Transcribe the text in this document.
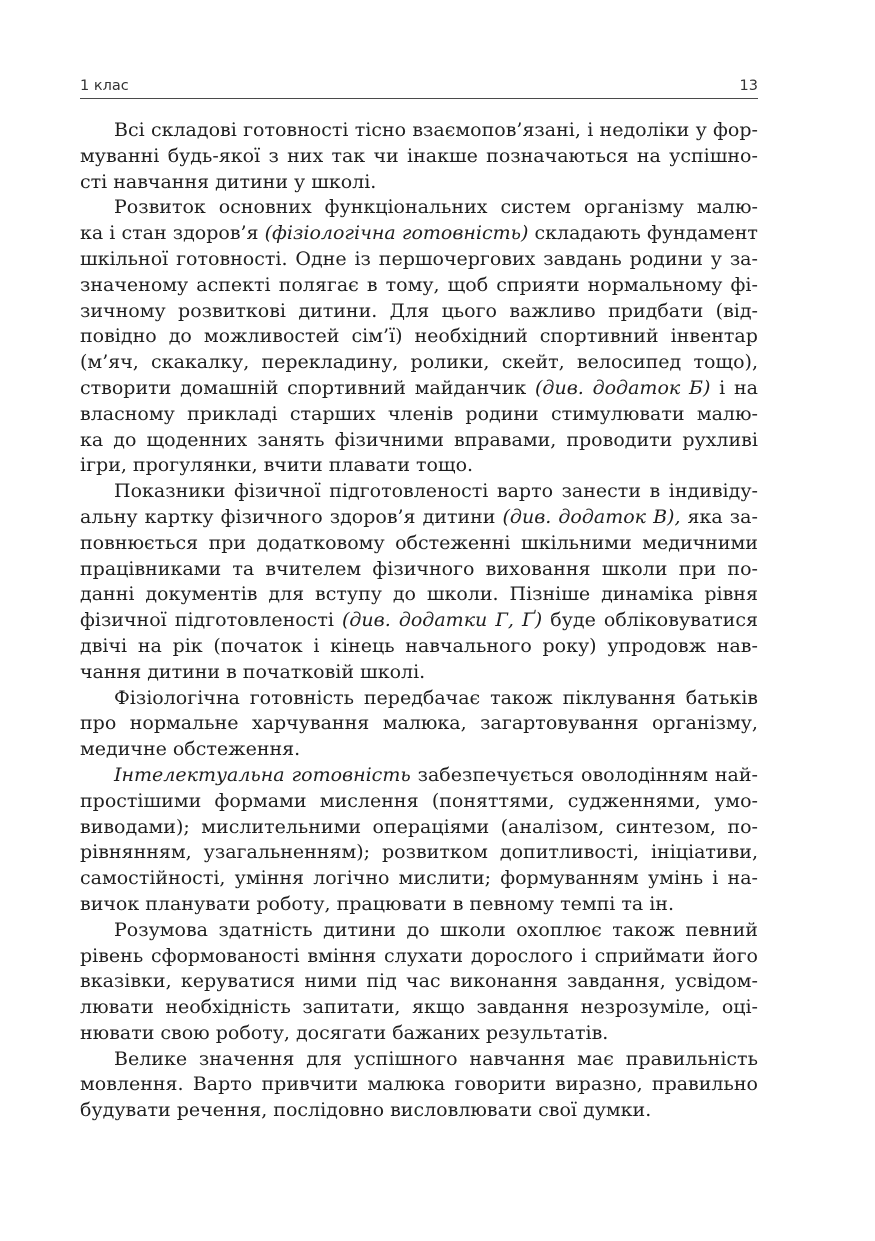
1 клас	13
Всі складові готовності тісно взаємопов’язані, і недоліки у фор-
муванні будь-якої з них так чи інакше позначаються на успішно-
сті навчання дитини у школі.
Розвиток основних функціональних систем організму малю-
ка і стан здоров’я (фізіологічна готовність) складають фундамент
шкільної готовності. Одне із першочергових завдань родини у за-
значеному аспекті полягає в тому, щоб сприяти нормальному фі-
зичному розвиткові дитини. Для цього важливо придбати (від-
повідно до можливостей сім’ї) необхідний спортивний інвентар
(м’яч, скакалку, перекладину, ролики, скейт, велосипед тощо),
створити домашній спортивний майданчик (див. додаток Б) і на
власному прикладі старших членів родини стимулювати малю-
ка до щоденних занять фізичними вправами, проводити рухливі
ігри, прогулянки, вчити плавати тощо.
Показники фізичної підготовленості варто занести в індивіду-
альну картку фізичного здоров’я дитини (див. додаток В), яка за-
повнюється при додатковому обстеженні шкільними медичними
працівниками та вчителем фізичного виховання школи при по-
данні документів для вступу до школи. Пізніше динаміка рівня
фізичної підготовленості (див. додатки Г, Ґ) буде обліковуватися
двічі на рік (початок і кінець навчального року) упродовж нав-
чання дитини в початковій школі.
Фізіологічна готовність передбачає також піклування батьків
про нормальне харчування малюка, загартовування організму,
медичне обстеження.
Інтелектуальна готовність забезпечується оволодінням най-
простішими формами мислення (поняттями, судженнями, умо-
виводами); мислительними операціями (аналізом, синтезом, по-
рівнянням, узагальненням); розвитком допитливості, ініціативи,
самостійності, уміння логічно мислити; формуванням умінь і на-
вичок планувати роботу, працювати в певному темпі та ін.
Розумова здатність дитини до школи охоплює також певний
рівень сформованості вміння слухати дорослого і сприймати його
вказівки, керуватися ними під час виконання завдання, усвідом-
лювати необхідність запитати, якщо завдання незрозуміле, оці-
нювати свою роботу, досягати бажаних результатів.
Велике значення для успішного навчання має правильність
мовлення. Варто привчити малюка говорити виразно, правильно
будувати речення, послідовно висловлювати свої думки.
